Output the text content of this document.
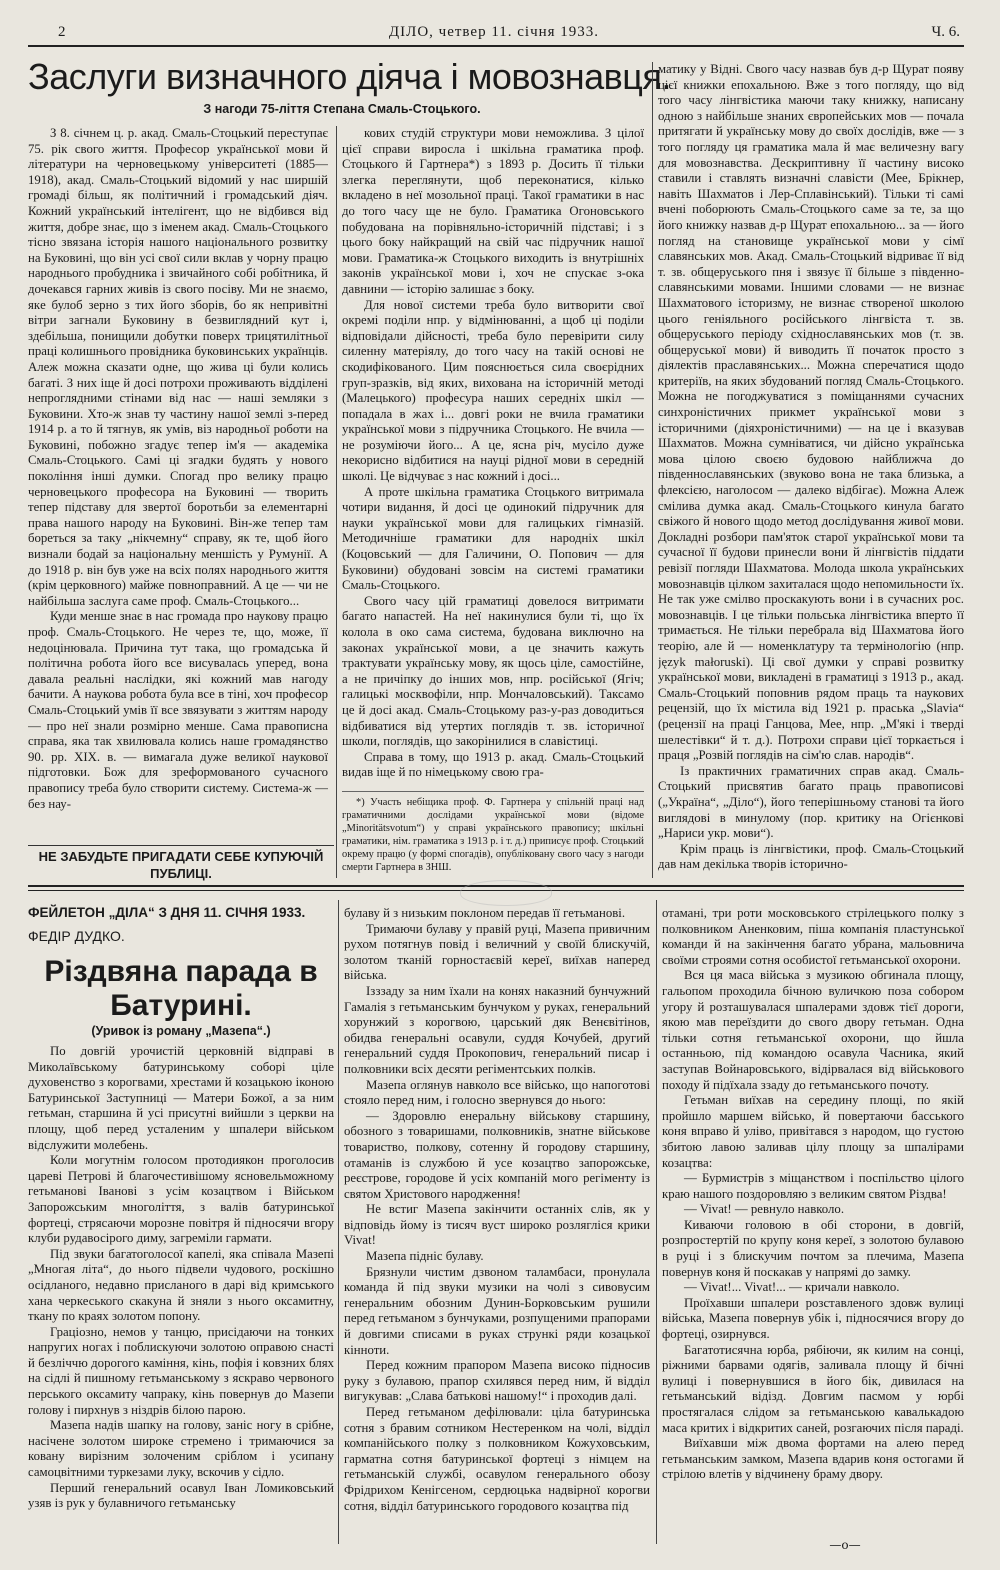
2	ДІЛО, четвер 11. січня 1933.	Ч. 6.
Заслуги визначного діяча і мовознавця.
З нагоди 75-ліття Степана Смаль-Стоцького.

З 8. січнем ц. р. акад. Смаль-Стоцький переступає 75. рік свого життя. Професор української мови й літератури на черновецькому університеті (1885—1918), акад. Смаль-Стоцький відомий у нас ширшій громаді більш, як політичний і громадський діяч. Кожний український інтелігент, що не відбився від життя, добре знає, що з іменем акад. Смаль-Стоцького тісно звязана історія нашого національного розвитку на Буковині, що він усі свої сили вклав у чорну працю народнього пробудника і звичайного собі робітника, й дочекався гарних живів із свого посіву. Ми не знаємо, якe булоб зерно з тих його зборів, бо як непривітні вітри загнали Буковину в безвиглядний кут і, здебільша, понищили добутки поверх трицятилітньої праці колишнього провідника буковинських українців. Алеж можна сказати одне, що жива ці були колись багаті. З них іще й досі потрохи проживають відділені непроглядними стінами від нас — наші земляки з Буковини. Хто-ж знав ту частину нашої землі з-перед 1914 р. а то й тягнув, як умів, віз народньої роботи на Буковині, побожно згадує тепер ім'я — академіка Смаль-Стоцького. Самі ці згадки будять у нового покоління інші думки. Спогад про велику працю черновецького професора на Буковині — творить тепер підставу для звертої боротьби за елементарні права нашого народу на Буковині. Він-же тепер там бореться за таку „нікчемну“ справу, як те, щоб його визнали бодай за національну меншість у Румунії. А до 1918 р. він був уже на всіх полях народнього життя (крім церковного) майже повноправний. А це — чи не найбільша заслуга саме проф. Смаль-Стоцького...

Куди менше знає в нас громада про наукову працю проф. Смаль-Стоцького. Не через те, що, може, її недоцінювала. Причина тут така, що громадська й політична робота його все висувалась уперед, вона давала реальні наслідки, які кожний мав нагоду бачити. А наукова робота була все в тіні, хоч професор Смаль-Стоцький умів її все звязувати з життям народу — про неї знали розмірно менше. Сама правописна справа, яка так хвилювала колись наше громадянство 90. рр. XIX. в. — вимагала дуже великої наукової підготовки. Бож для зреформованого сучасного правопису треба було створити систему. Система-ж — без нау-

кових студій структури мови неможлива. З цілої цієї справи виросла і шкільна граматика проф. Стоцького й Гартнера*) з 1893 р. Досить її тільки злегка переглянути, щоб переконатися, кілько вкладено в неї мозольної праці. Такої граматики в нас до того часу ще не було. Граматика Огоновського побудована на порівняльно-історичній підставі; і з цього боку найкращий на свій час підручник нашої мови. Граматика-ж Стоцького виходить із внутрішніх законів української мови і, хоч не спускає з-ока давнини — історію залишає з боку.

Для нової системи треба було витворити свої окремі поділи нпр. у відмінюванні, а щоб ці поділи відповідали дійсності, треба було перевірити силу силенну матеріялу, до того часу на такій основі не скодифікованого. Цим пояснюється сила своєрідних груп-зразків, від яких, вихована на історичній методі (Малецького) професура наших середніх шкіл — попадала в жах і... довгі роки не вчила граматики української мови з підручника Стоцького. Не вчила — не розуміючи його... А це, ясна річ, мусіло дуже некорисно відбитися на науці рідної мови в середній школі. Це відчуває з нас кожний і досі...

А проте шкільна граматика Стоцького витримала чотири видання, й досі це одинокий підручник для науки української мови для галицьких гімназій. Методичніше граматики для народніх шкіл (Коцовський — для Галичини, О. Попович — для Буковини) обудовані зовсім на системі граматики Смаль-Стоцького.

Свого часу цій граматиці довелося витримати багато напастей. На неї накинулися були ті, що їх колола в око сама система, будована виключно на законах української мови, а це значить кажуть трактувати українську мову, як щось ціле, самостійне, а не причіпку до інших мов, нпр. російської (Ягіч; галицькі москвофіли, нпр. Мончаловський). Таксамо це й досі акад. Смаль-Стоцькому раз-у-раз доводиться відбиватися від утертих поглядів т. зв. історичної школи, поглядів, що закорінилися в славістиці.

Справа в тому, що 1913 р. акад. Смаль-Стоцький видав іще й по німецькому свою гра-

*) Участь небіщика проф. Ф. Гартнера у спільній праці над граматичними дослідами української мови (відоме „Minoritätsvotum“) у справі українського правопису; шкільні граматики, нім. граматика з 1913 р. і т. д.) приписує проф. Стоцький окрему працю (у формі спогадів), опубліковану свого часу з нагоди смерти Гартнера в ЗНШ.

матику у Відні. Свого часу назвав був д-р Щурат появу цієї книжки епохальною. Вже з того погляду, що від того часу лінгвістика маючи таку книжку, написану одною з найбільше знаних європейських мов — почала притягати й українську мову до своїх дослідів, вже — з того погляду ця граматика мала й має величезну вагу для мовознавства. Дескриптивну її частину високо ставили і ставлять визначні славісти (Мее, Брікнер, навіть Шахматов і Лер-Сплавінський). Тільки ті самі вчені поборюють Смаль-Стоцького саме за те, за що його книжку назвав д-р Щурат епохальною... за — його погляд на становище української мови у сімї славянських мов. Акад. Смаль-Стоцький відриває її від т. зв. общеруського пня і звязує її більше з південно-славянськими мовами. Іншими словами — не визнає Шахматового історизму, не визнає створеної школою цього геніяльного російського лінгвіста т. зв. общеруського періоду східнославянських мов (т. зв. общеруської мови) й виводить її початок просто з діялектів праславянських... Можна сперечатися щодо критеріїв, на яких збудований погляд Смаль-Стоцького. Можна не погоджуватися з поміщаннями сучасних синхроністичних прикмет української мови з історичними (діяхроністичними) — на це і вказував Шахматов. Можна сумніватися, чи дійсно українська мова цілою своєю будовою найближча до південнославянських (звуково вона не така близька, а флексією, наголосом — далеко відбігає). Можна Алеж смілива думка акад. Смаль-Стоцького кинула багато свіжого й нового щодо метод дослідування живої мови. Докладні розбори пам'яток старої української мови та сучасної її будови принесли вони й лінгвістів піддати ревізії погляди Шахматова. Молода школа українських мовознавців цілком захиталася щодо непомильности їх. Не так уже смілво проскакують вони і в сучасних рос. мовознавців. І це тільки польська лінгвістика вперто її тримається. Не тільки перебрала від Шахматова його теорію, але й — номенклатуру та термінологію (нпр. język małoruski). Ці свої думки у справі розвитку української мови, викладені в граматиці з 1913 р., акад. Смаль-Стоцький поповнив рядом праць та наукових рецензій, що їх містила від 1921 р. праська „Slavia“ (рецензії на праці Ганцова, Мее, нпр. „М'які і тверді шелестівки“ й т. д.). Потрохи справи цієї торкається і праця „Розвій поглядів на сім'ю слав. народів“.

Із практичних граматичних справ акад. Смаль-Стоцький присвятив багато праць правописові („Україна“, „Діло“), його теперішньому станові та його виглядові в минулому (пор. критику на Огієнкові „Нариси укр. мови“).

Крім праць із лінгвістики, проф. Смаль-Стоцький дав нам декілька творів історично-

НЕ ЗАБУДЬТЕ ПРИГАДАТИ СЕБЕ КУПУЮЧІЙ
ПУБЛИЦІ.
ФЕЙЛЕТОН „ДІЛА“ З ДНЯ 11. СІЧНЯ 1933.
ФЕДІР ДУДКО.
Різдвяна парада в Батурині.
(Уривок із роману „Мазепа“.)

По довгій урочистій церковній відправі в Миколаївському батуринському соборі ціле духовенство з корогвами, хрестами й козацькою іконою Батуринської Заступниці — Матери Божої, а за ним гетьман, старшина й усі присутні вийшли з церкви на площу, щоб перед усталеним у шпалери військом відслужити молебень.

Коли могутнім голосом протодиякон проголосив цареві Петрові й благочестивішому ясновельможному гетьманові Іванові з усім козацтвом і Військом Запорожським многоліття, з валів батуринської фортеці, стрясаючи морозне повітря й підносячи вгору клуби рудавосірого диму, загреміли гармати.

Під звуки багатоголосої капелі, яка співала Мазепі „Многая літа“, до нього підвели чудового, роскішно осідланого, недавно присланого в дарі від кримського хана черкеського скакуна й зняли з нього оксамитну, ткану по краях золотом попону.

Граціозно, немов у танцю, присідаючи на тонких напругих ногах і поблискуючи золотою оправою снасті й безліччю дорогого каміння, кінь, пофія і ковзних блях на сідлі й пишному гетьманському з яскраво червоного перського оксамиту чапраку, кінь повернув до Мазепи голову і пирхнув з ніздрів білою парою.

Мазепа надів шапку на голову, заніс ногу в срібне, насічене золотом широке стремено і тримаючися за ковану вирізним золоченим сріблом і усипану самоцвітними туркезами луку, вскочив у сідло.

Перший генеральний осавул Іван Ломиковський узяв із рук у булавничого гетьманську

булаву й з низьким поклоном передав її гетьманові.

Тримаючи булаву у правій руці, Мазепа привичним рухом потягнув повід і величний у своїй блискучій, золотом тканій горностаєвій кереї, виїхав наперед війська.

Ізззаду за ним їхали на конях наказний бунчужний Гамалія з гетьманським бунчуком у руках, генеральний хорунжий з корогвою, царський дяк Венєвітінов, обидва генеральні осавули, суддя Кочубей, другий генеральний суддя Прокопович, генеральний писар і полковники всіх десяти регіментських полків.

Мазепа оглянув навколо все військо, що напоготові стояло перед ним, і голосно звернувся до нього:

— Здоровлю енеральну військову старшину, обозного з товаришами, полковників, знатне військове товариство, полкову, сотенну й городову старшину, отаманів із службою й усе козацтво запорожське, реєстрове, городове й усіх компаній мого регіменту із святом Христового народження!

Не встиг Мазепа закінчити останніх слів, як у відповідь йому із тисяч вуст широко розлягліся крики Vivat!

Мазепа підніс булаву.

Брязнули чистим дзвоном таламбаси, пронулала команда й під звуки музики на чолі з сивовусим генеральним обозним Дунин-Борковським рушили перед гетьманом з бунчуками, розпущеними прапорами й довгими списами в руках стрункі ряди козацької кінноти.

Перед кожним прапором Мазепа високо підносив руку з булавою, прапор схилявся перед ним, й відділ вигукував: „Слава батькові нашому!“ і проходив далі.

Перед гетьманом дефілювали: ціла батуринська сотня з бравим сотником Нестеренком на чолі, відділ компанійського полку з полковником Кожуховським, гарматна сотня батуринської фортеці з німцем на гетьманській службі, осавулом генерального обозу Фрідрихом Кенігсеном, сердюцька надвірної корогви сотня, відділ батуринського городового козацтва під

отамані, три роти московського стрілецького полку з полковником Аненковим, піша компанія пластунської команди й на закінчення багато убрана, мальовнича своїми строями сотня особистої гетьманської охорони.

Вся ця маса війська з музикою обгинала площу, гальопом проходила бічною вуличкою поза собором угору й розташувалася шпалерами здовж тієї дороги, якою мав переїздити до свого двору гетьман. Одна тільки сотня гетьманської охорони, що йшла останньою, під командою осавула Часника, який заступав Войнаровського, відірвалася від військового походу й підїхала ззаду до гетьманського почоту.

Гетьман виїхав на середину площі, по якій пройшло маршем військо, й повертаючи басського коня вправо й уліво, привітався з народом, що густою збитою лавою заливав цілу площу за шпалірами козацтва:

— Бурмистрів з міщанством і поспільство цілого краю нашого поздоровляю з великим святом Різдва!

— Vivat! — ревнуло навколо.

Киваючи головою в обі сторони, в довгій, розпростертій по крупу коня кереї, з золотою булавою в руці і з блискучим почтом за плечима, Мазепа повернув коня й поскакав у напрямі до замку.

— Vivat!... Vivat!... — кричали навколо.

Проїхавши шпалери розставленого здовж вулиці війська, Мазепа повернув убік і, підносячися вгору до фортеці, озирнувся.

Багатотисячна юрба, рябіючи, як килим на сонці, ріжними барвами одягів, заливала площу й бічні вулиці і повернувшися в його бік, дивилася на гетьманський відізд. Довгим пасмом у юрбі простягалася слідом за гетьманською кавалькадою маса критих і відкритих саней, розгаючих після параді.

Виїхавши між двома фортами на алею перед гетьманським замком, Мазепа вдарив коня остогами й стрілою влетів у відчинену браму двору.

—o—
